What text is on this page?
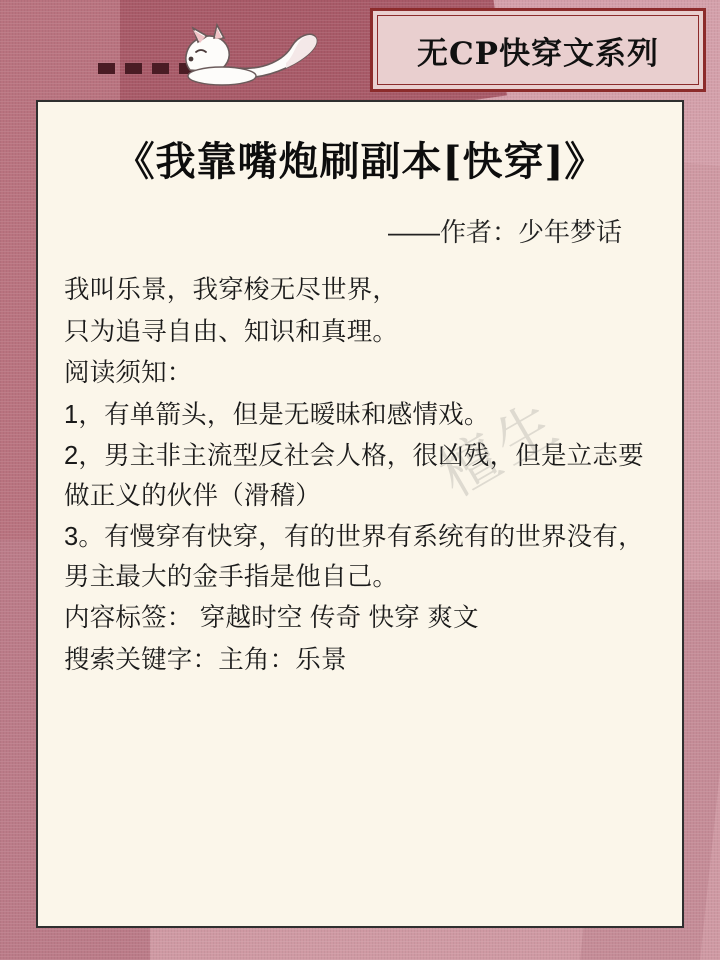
无CP快穿文系列
檀生
《我靠嘴炮刷副本[快穿]》
——作者：少年梦话

我叫乐景，我穿梭无尽世界，

只为追寻自由、知识和真理。

阅读须知：

1，有单箭头，但是无暧昧和感情戏。

2，男主非主流型反社会人格，很凶残，但是立志要做正义的伙伴（滑稽）

3。有慢穿有快穿，有的世界有系统有的世界没有，男主最大的金手指是他自己。

内容标签： 穿越时空 传奇 快穿 爽文

搜索关键字：主角：乐景
